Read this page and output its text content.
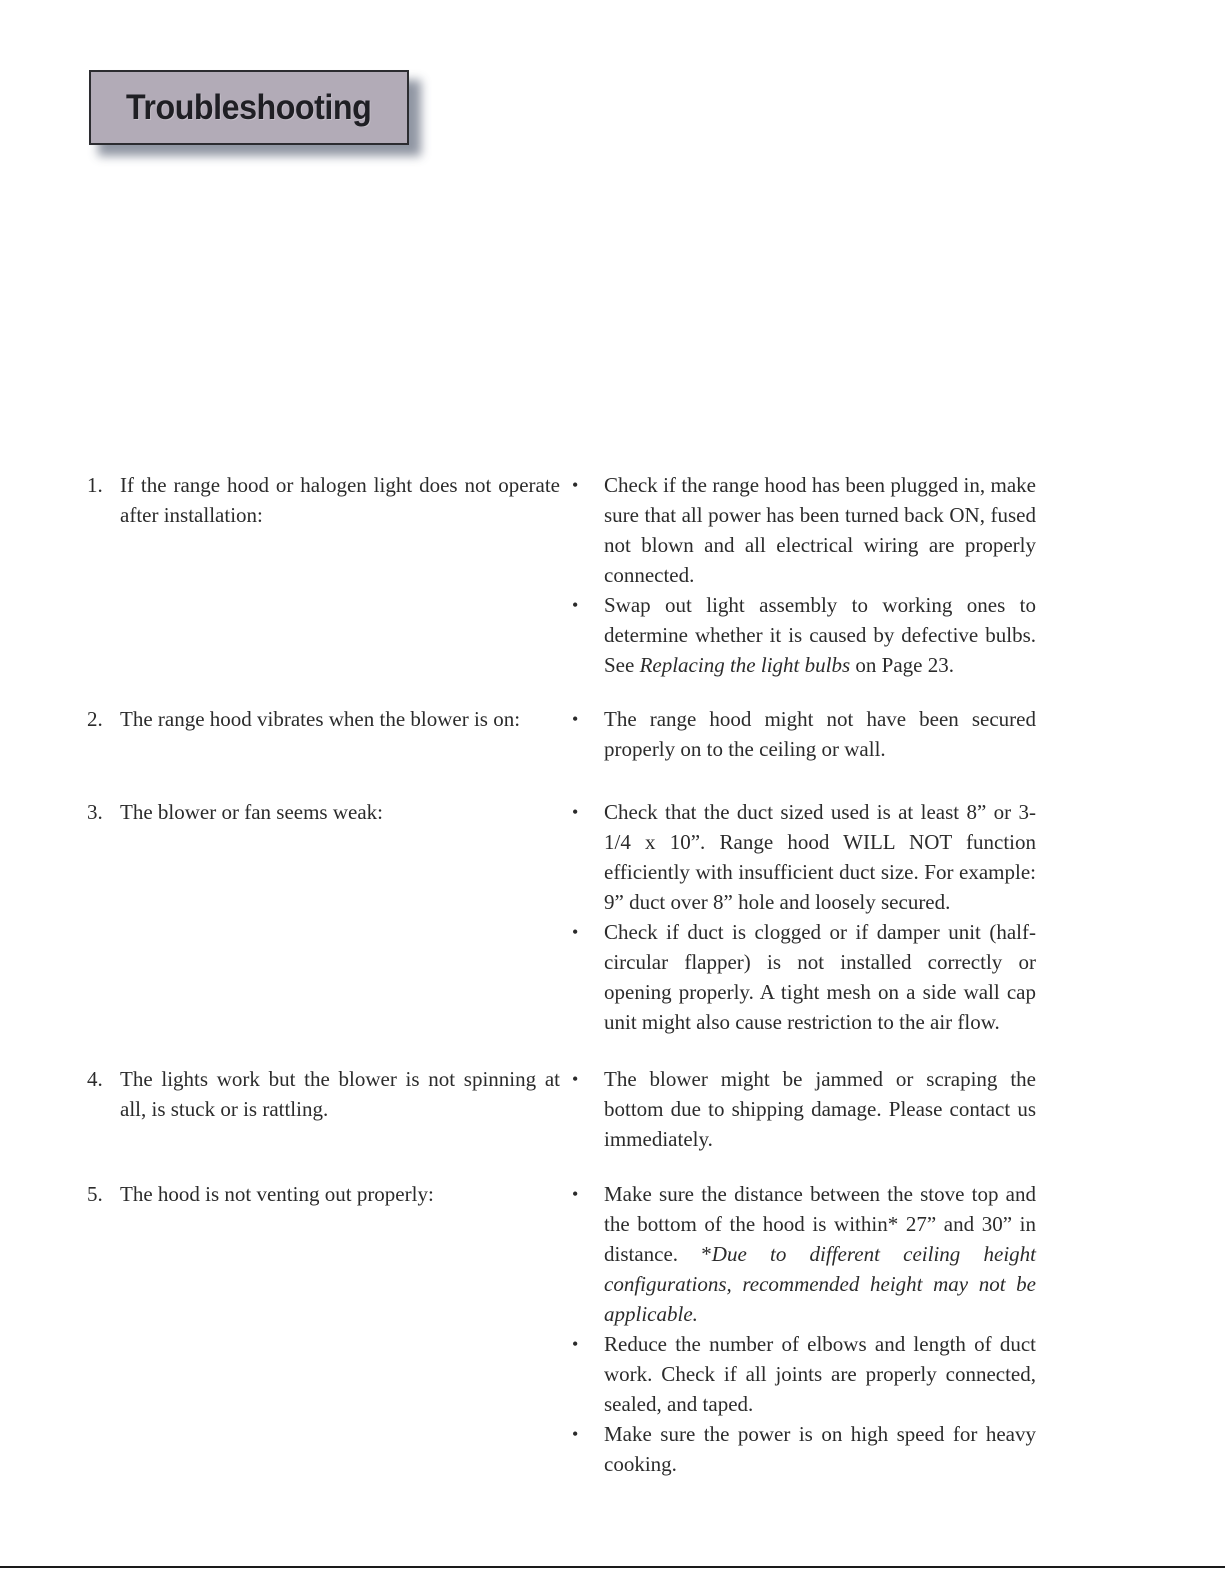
Troubleshooting
1. If the range hood or halogen light does not operate after installation:
• Check if the range hood has been plugged in, make sure that all power has been turned back ON, fused not blown and all electrical wiring are properly connected.
• Swap out light assembly to working ones to determine whether it is caused by defective bulbs. See Replacing the light bulbs on Page 23.
2. The range hood vibrates when the blower is on:	• The range hood might not have been secured properly on to the ceiling or wall.
3. The blower or fan seems weak:	• Check that the duct sized used is at least 8” or 3-1/4 x 10”. Range hood WILL NOT function efficiently with insufficient duct size. For example: 9” duct over 8” hole and loosely secured.
• Check if duct is clogged or if damper unit (half-circular flapper) is not installed correctly or opening properly. A tight mesh on a side wall cap unit might also cause restriction to the air flow.
4. The lights work but the blower is not spinning at all, is stuck or is rattling.
• The blower might be jammed or scraping the bottom due to shipping damage. Please contact us immediately.
5. The hood is not venting out properly:	• Make sure the distance between the stove top and the bottom of the hood is within* 27” and 30” in distance. *Due to different ceiling height configurations, recommended height may not be applicable.
• Reduce the number of elbows and length of duct work. Check if all joints are properly connected, sealed, and taped.
• Make sure the power is on high speed for heavy cooking.
